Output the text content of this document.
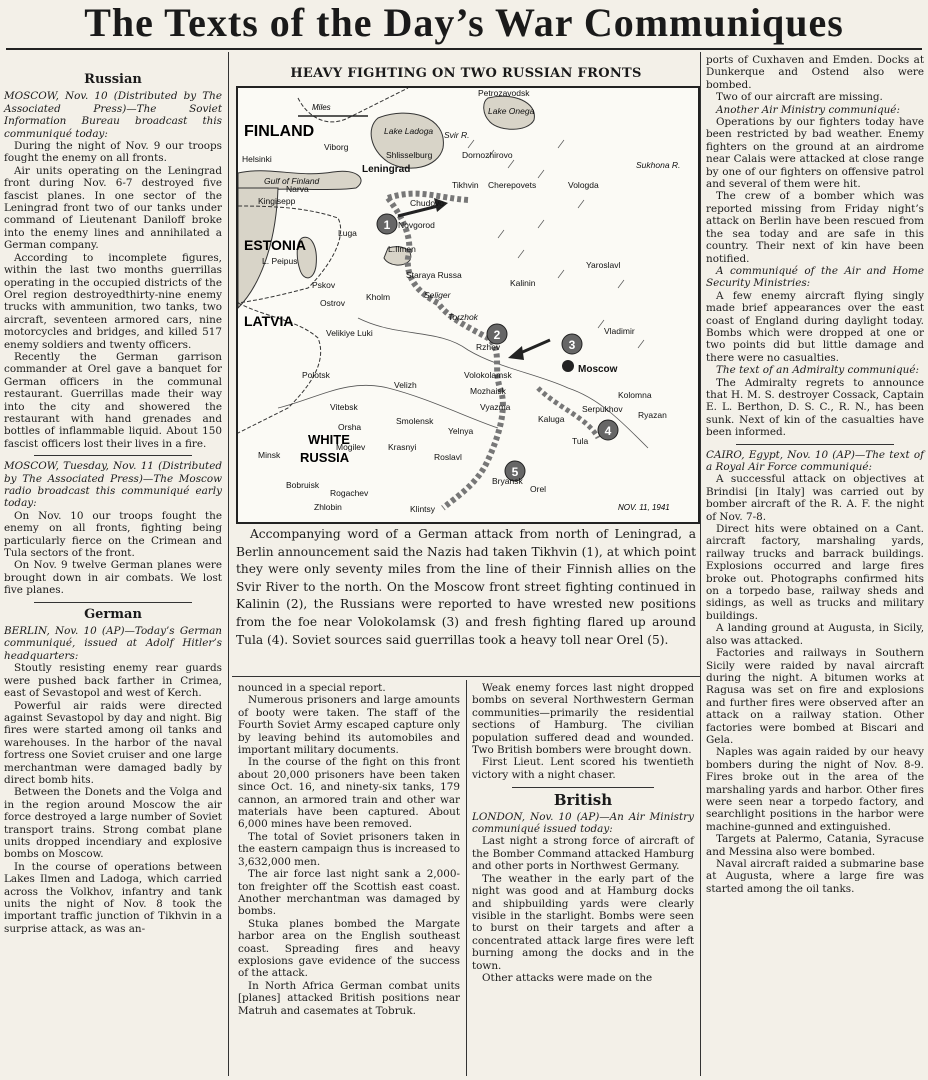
The Texts of the Day’s War Communiques

Russian

MOSCOW, Nov. 10 (Distributed by The Associated Press)—The Soviet Information Bureau broadcast this communiqué today:

During the night of Nov. 9 our troops fought the enemy on all fronts.

Air units operating on the Leningrad front during Nov. 6-7 destroyed five fascist planes. In one sector of the Leningrad front two of our tanks under command of Lieutenant Daniloff broke into the enemy lines and annihilated a German company.

According to incomplete figures, within the last two months guerrillas operating in the occupied districts of the Orel region destroyedthirty-nine enemy trucks with ammunition, two tanks, two aircraft, seventeen armored cars, nine motorcycles and bridges, and killed 517 enemy soldiers and twenty officers.

Recently the German garrison commander at Orel gave a banquet for German officers in the communal restaurant. Guerrillas made their way into the city and showered the restaurant with hand grenades and bottles of inflammable liquid. About 150 fascist officers lost their lives in a fire.

MOSCOW, Tuesday, Nov. 11 (Distributed by The Associated Press)—The Moscow radio broadcast this communiqué early today:

On Nov. 10 our troops fought the enemy on all fronts, fighting being particularly fierce on the Crimean and Tula sectors of the front.

On Nov. 9 twelve German planes were brought down in air combats. We lost five planes.

German

BERLIN, Nov. 10 (AP)—Today’s German communiqué, issued at Adolf Hitler’s headquarters:

Stoutly resisting enemy rear guards were pushed back farther in Crimea, east of Sevastopol and west of Kerch.

Powerful air raids were directed against Sevastopol by day and night. Big fires were started among oil tanks and warehouses. In the harbor of the naval fortress one Soviet cruiser and one large merchantman were damaged badly by direct bomb hits.

Between the Donets and the Volga and in the region around Moscow the air force destroyed a large number of Soviet transport trains. Strong combat plane units dropped incendiary and explosive bombs on Moscow.

In the course of operations between Lakes Ilmen and Ladoga, which carried across the Volkhov, infantry and tank units the night of Nov. 8 took the important traffic junction of Tikhvin in a surprise attack, as was an-

HEAVY FIGHTING ON TWO RUSSIAN FRONTS
1
2
3
4
5
FINLAND
ESTONIA
LATVIA
WHITE
RUSSIA
Miles
Helsinki
Viborg
Lake Ladoga
Leningrad
Shlisselburg
Petrozavodsk
Lake Onega
Svir R.
Tikhvin
Dornozhirovo
Cherepovets	Vologda
Sukhona R.
Narva
Kingisepp
Gulf of Finland
Chudovo
Novgorod
Luga
L. Peipus
L.Ilmen
Staraya Russa
Pskov
Ostrov
Kholm	Seliger
Rzhev
Kalinin
Yaroslavl
Vladimir
Torzhok
Velikiye Luki
Volokolamsk
Mozhaisk
Moscow
Kolomna
Velizh
Polotsk
Vitebsk	Vyazma
Ryazan
Serpukhov
Orsha
Smolensk
Yelnya
Kaluga
Tula
Minsk
Mogilev	Krasnyi
Roslavl
Bobruisk
Rogachev
Bryansk
Orel
Zhlobin	Klintsy	NOV. 11, 1941
Accompanying word of a German attack from north of Leningrad, a Berlin announcement said the Nazis had taken Tikhvin (1), at which point they were only seventy miles from the line of their Finnish allies on the Svir River to the north. On the Moscow front street fighting continued in Kalinin (2), the Russians were reported to have wrested new positions from the foe near Volokolamsk (3) and fresh fighting flared up around Tula (4). Soviet sources said guerrillas took a heavy toll near Orel (5).

nounced in a special report.

Numerous prisoners and large amounts of booty were taken. The staff of the Fourth Soviet Army escaped capture only by leaving behind its automobiles and important military documents.

In the course of the fight on this front about 20,000 prisoners have been taken since Oct. 16, and ninety-six tanks, 179 cannon, an armored train and other war materials have been captured. About 6,000 mines have been removed.

The total of Soviet prisoners taken in the eastern campaign thus is increased to 3,632,000 men.

The air force last night sank a 2,000-ton freighter off the Scottish east coast. Another merchantman was damaged by bombs.

Stuka planes bombed the Margate harbor area on the English southeast coast. Spreading fires and heavy explosions gave evidence of the success of the attack.

In North Africa German combat units [planes] attacked British positions near Matruh and casemates at Tobruk.

Weak enemy forces last night dropped bombs on several Northwestern German communities—primarily the residential sections of Hamburg. The civilian population suffered dead and wounded. Two British bombers were brought down.

First Lieut. Lent scored his twentieth victory with a night chaser.

British

LONDON, Nov. 10 (AP)—An Air Ministry communiqué issued today:

Last night a strong force of aircraft of the Bomber Command attacked Hamburg and other ports in Northwest Germany.

The weather in the early part of the night was good and at Hamburg docks and shipbuilding yards were clearly visible in the starlight. Bombs were seen to burst on their targets and after a concentrated attack large fires were left burning among the docks and in the town.

Other attacks were made on the

ports of Cuxhaven and Emden. Docks at Dunkerque and Ostend also were bombed.

Two of our aircraft are missing.

Another Air Ministry communiqué:

Operations by our fighters today have been restricted by bad weather. Enemy fighters on the ground at an airdrome near Calais were attacked at close range by one of our fighters on offensive patrol and several of them were hit.

The crew of a bomber which was reported missing from Friday night’s attack on Berlin have been rescued from the sea today and are safe in this country. Their next of kin have been notified.

A communiqué of the Air and Home Security Ministries:

A few enemy aircraft flying singly made brief appearances over the east coast of England during daylight today. Bombs which were dropped at one or two points did but little damage and there were no casualties.

The text of an Admiralty communiqué:

The Admiralty regrets to announce that H. M. S. destroyer Cossack, Captain E. L. Berthon, D. S. C., R. N., has been sunk. Next of kin of the casualties have been informed.

CAIRO, Egypt, Nov. 10 (AP)—The text of a Royal Air Force communiqué:

A successful attack on objectives at Brindisi [in Italy] was carried out by bomber aircraft of the R. A. F. the night of Nov. 7-8.

Direct hits were obtained on a Cant. aircraft factory, marshaling yards, railway trucks and barrack buildings. Explosions occurred and large fires broke out. Photographs confirmed hits on a torpedo base, railway sheds and sidings, as well as trucks and military buildings.

A landing ground at Augusta, in Sicily, also was attacked.

Factories and railways in Southern Sicily were raided by naval aircraft during the night. A bitumen works at Ragusa was set on fire and explosions and further fires were observed after an attack on a railway station. Other factories were bombed at Biscari and Gela.

Naples was again raided by our heavy bombers during the night of Nov. 8-9. Fires broke out in the area of the marshaling yards and harbor. Other fires were seen near a torpedo factory, and searchlight positions in the harbor were machine-gunned and extinguished.

Targets at Palermo, Catania, Syracuse and Messina also were bombed.

Naval aircraft raided a submarine base at Augusta, where a large fire was started among the oil tanks.
